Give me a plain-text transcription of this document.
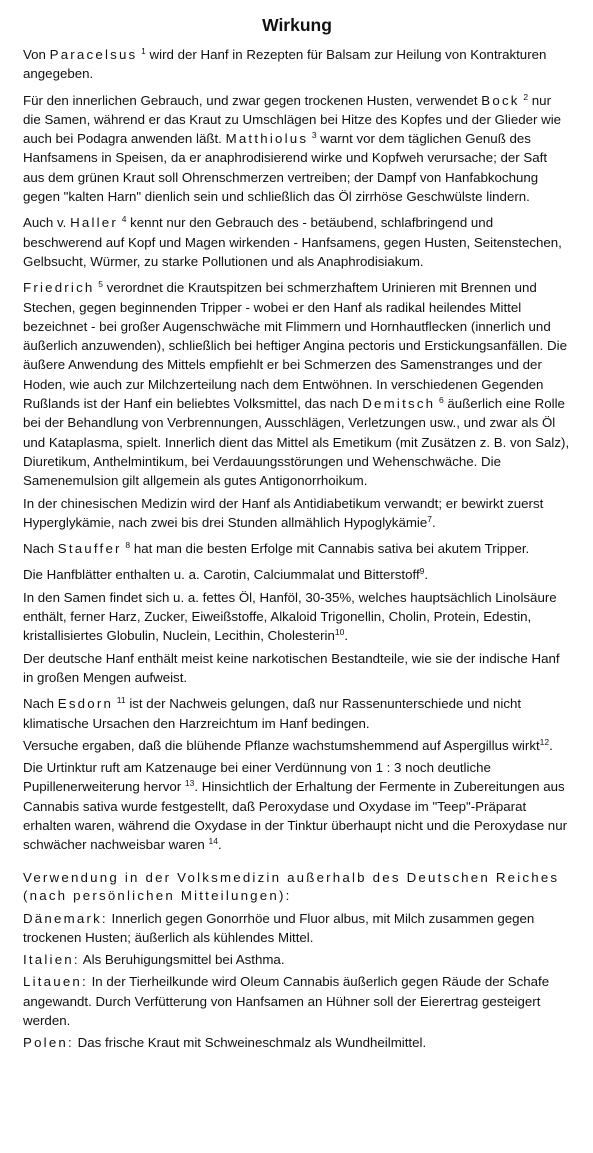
Wirkung

Von Paracelsus $^1$ wird der Hanf in Rezepten für Balsam zur Heilung von Kontrakturen angegeben.

Für den innerlichen Gebrauch, und zwar gegen trockenen Husten, verwendet Bock $^2$ nur die Samen, während er das Kraut zu Umschlägen bei Hitze des Kopfes und der Glieder wie auch bei Podagra anwenden läßt. Matthiolus $^3$ warnt vor dem täglichen Genuß des Hanfsamens in Speisen, da er anaphrodisierend wirke und Kopfweh verursache; der Saft aus dem grünen Kraut soll Ohrenschmerzen vertreiben; der Dampf von Hanfabkochung gegen "kalten Harn" dienlich sein und schließlich das Öl zirrhöse Geschwülste lindern.

Auch v. Haller $^4$ kennt nur den Gebrauch des - betäubend, schlafbringend und beschwerend auf Kopf und Magen wirkenden - Hanfsamens, gegen Husten, Seitenstechen, Gelbsucht, Würmer, zu starke Pollutionen und als Anaphrodisiakum.

Friedrich $^5$ verordnet die Krautspitzen bei schmerzhaftem Urinieren mit Brennen und Stechen, gegen beginnenden Tripper - wobei er den Hanf als radikal heilendes Mittel bezeichnet - bei großer Augenschwäche mit Flimmern und Hornhautflecken (innerlich und äußerlich anzuwenden), schließlich bei heftiger Angina pectoris und Erstickungsanfällen. Die äußere Anwendung des Mittels empfiehlt er bei Schmerzen des Samenstranges und der Hoden, wie auch zur Milchzerteilung nach dem Entwöhnen. In verschiedenen Gegenden Rußlands ist der Hanf ein beliebtes Volksmittel, das nach Demitsch $^6$ äußerlich eine Rolle bei der Behandlung von Verbrennungen, Ausschlägen, Verletzungen usw., und zwar als Öl und Kataplasma, spielt. Innerlich dient das Mittel als Emetikum (mit Zusätzen z. B. von Salz), Diuretikum, Anthelmintikum, bei Verdauungsstörungen und Wehenschwäche. Die Samenemulsion gilt allgemein als gutes Antigonorrhoikum.

In der chinesischen Medizin wird der Hanf als Antidiabetikum verwandt; er bewirkt zuerst Hyperglykämie, nach zwei bis drei Stunden allmählich Hypoglykämie$^7$.

Nach Stauffer $^8$ hat man die besten Erfolge mit Cannabis sativa bei akutem Tripper.

Die Hanfblätter enthalten u. a. Carotin, Calciummalat und Bitterstoff$^9$.

In den Samen findet sich u. a. fettes Öl, Hanföl, 30-35%, welches hauptsächlich Linolsäure enthält, ferner Harz, Zucker, Eiweißstoffe, Alkaloid Trigonellin, Cholin, Protein, Edestin, kristallisiertes Globulin, Nuclein, Lecithin, Cholesterin$^{10}$.

Der deutsche Hanf enthält meist keine narkotischen Bestandteile, wie sie der indische Hanf in großen Mengen aufweist.

Nach Esdorn $^{11}$ ist der Nachweis gelungen, daß nur Rassenunterschiede und nicht klimatische Ursachen den Harzreichtum im Hanf bedingen.

Versuche ergaben, daß die blühende Pflanze wachstumshemmend auf Aspergillus wirkt$^{12}$.

Die Urtinktur ruft am Katzenauge bei einer Verdünnung von 1 : 3 noch deutliche Pupillenerweiterung hervor $^{13}$. Hinsichtlich der Erhaltung der Fermente in Zubereitungen aus Cannabis sativa wurde festgestellt, daß Peroxydase und Oxydase im "Teep"-Präparat erhalten waren, während die Oxydase in der Tinktur überhaupt nicht und die Peroxydase nur schwächer nachweisbar waren $^{14}$.

Verwendung in der Volksmedizin außerhalb des Deutschen Reiches (nach persönlichen Mitteilungen):

Dänemark: Innerlich gegen Gonorrhöe und Fluor albus, mit Milch zusammen gegen trockenen Husten; äußerlich als kühlendes Mittel.

Italien: Als Beruhigungsmittel bei Asthma.

Litauen: In der Tierheilkunde wird Oleum Cannabis äußerlich gegen Räude der Schafe angewandt. Durch Verfütterung von Hanfsamen an Hühner soll der Eierertrag gesteigert werden.

Polen: Das frische Kraut mit Schweineschmalz als Wundheilmittel.
